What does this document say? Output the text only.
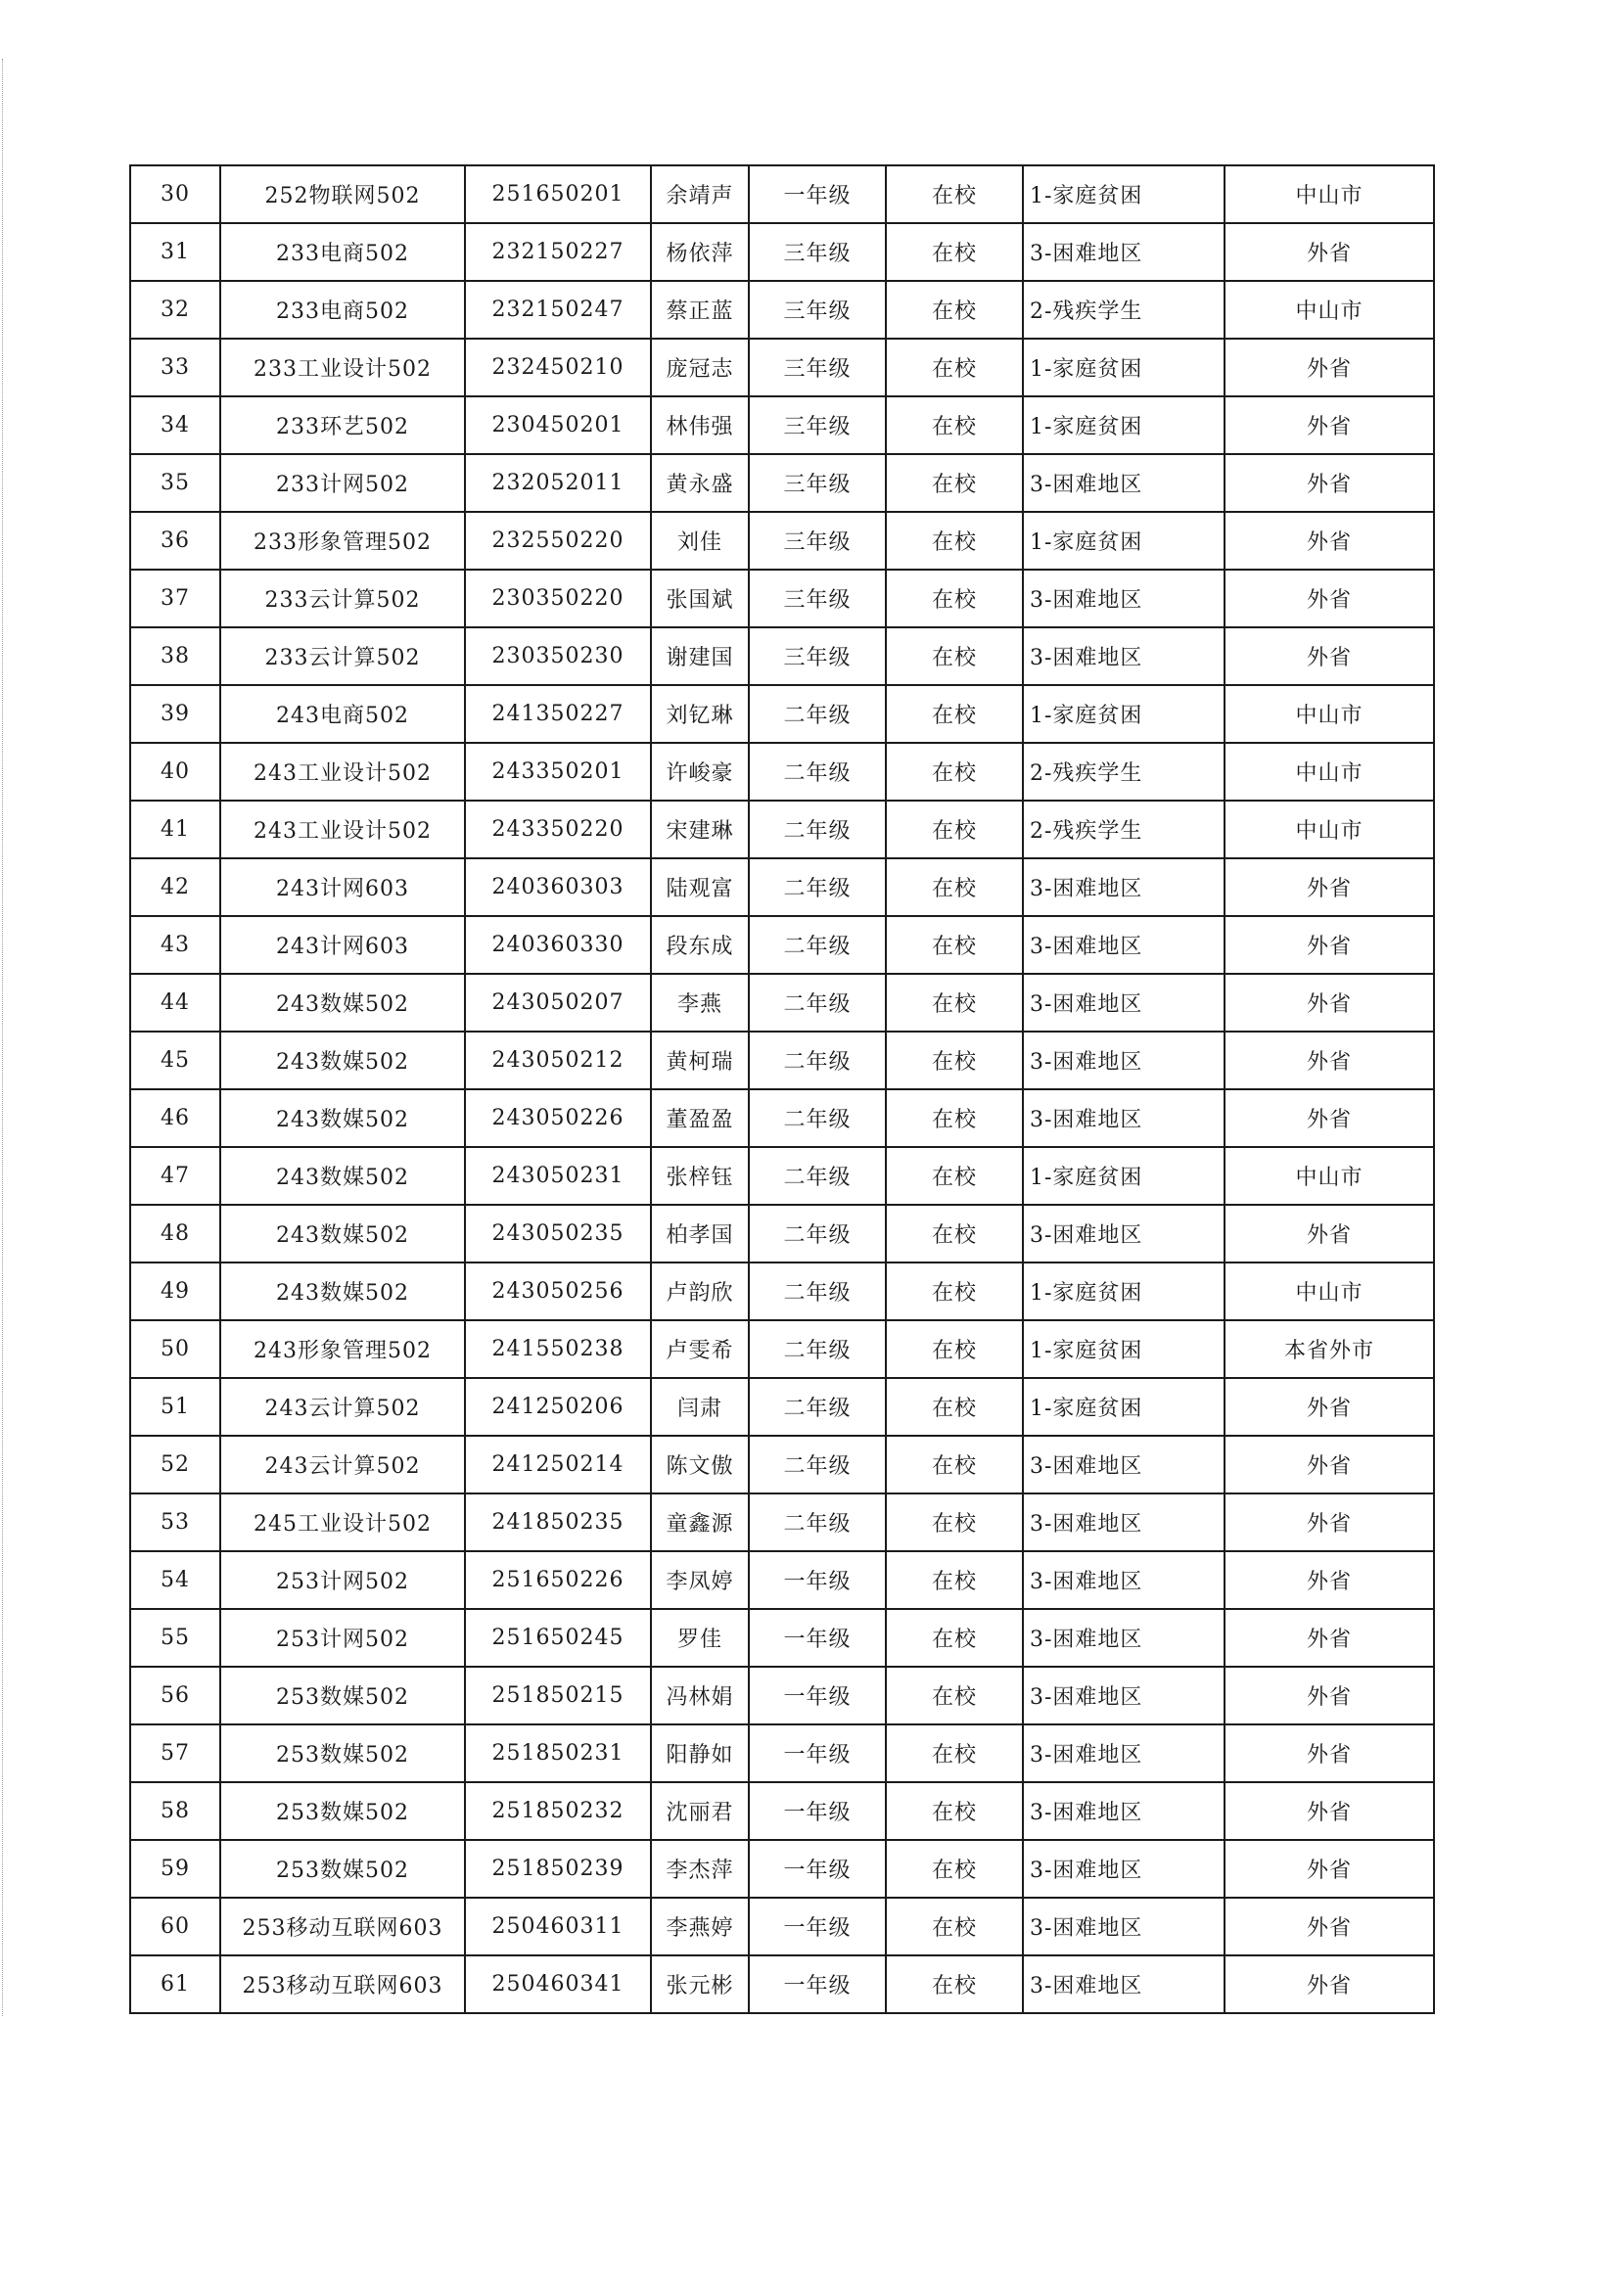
30	252物联网502	251650201	余靖声	一年级	在校	1-家庭贫困	中山市
31	233电商502	232150227	杨依萍	三年级	在校	3-困难地区	外省
32	233电商502	232150247	蔡正蓝	三年级	在校	2-残疾学生	中山市
33	233工业设计502	232450210	庞冠志	三年级	在校	1-家庭贫困	外省
34	233环艺502	230450201	林伟强	三年级	在校	1-家庭贫困	外省
35	233计网502	232052011	黄永盛	三年级	在校	3-困难地区	外省
36	233形象管理502	232550220	刘佳	三年级	在校	1-家庭贫困	外省
37	233云计算502	230350220	张国斌	三年级	在校	3-困难地区	外省
38	233云计算502	230350230	谢建国	三年级	在校	3-困难地区	外省
39	243电商502	241350227	刘钇琳	二年级	在校	1-家庭贫困	中山市
40	243工业设计502	243350201	许峻豪	二年级	在校	2-残疾学生	中山市
41	243工业设计502	243350220	宋建琳	二年级	在校	2-残疾学生	中山市
42	243计网603	240360303	陆观富	二年级	在校	3-困难地区	外省
43	243计网603	240360330	段东成	二年级	在校	3-困难地区	外省
44	243数媒502	243050207	李燕	二年级	在校	3-困难地区	外省
45	243数媒502	243050212	黄柯瑞	二年级	在校	3-困难地区	外省
46	243数媒502	243050226	董盈盈	二年级	在校	3-困难地区	外省
47	243数媒502	243050231	张梓钰	二年级	在校	1-家庭贫困	中山市
48	243数媒502	243050235	柏孝国	二年级	在校	3-困难地区	外省
49	243数媒502	243050256	卢韵欣	二年级	在校	1-家庭贫困	中山市
50	243形象管理502	241550238	卢雯希	二年级	在校	1-家庭贫困	本省外市
51	243云计算502	241250206	闫肃	二年级	在校	1-家庭贫困	外省
52	243云计算502	241250214	陈文傲	二年级	在校	3-困难地区	外省
53	245工业设计502	241850235	童鑫源	二年级	在校	3-困难地区	外省
54	253计网502	251650226	李凤婷	一年级	在校	3-困难地区	外省
55	253计网502	251650245	罗佳	一年级	在校	3-困难地区	外省
56	253数媒502	251850215	冯林娟	一年级	在校	3-困难地区	外省
57	253数媒502	251850231	阳静如	一年级	在校	3-困难地区	外省
58	253数媒502	251850232	沈丽君	一年级	在校	3-困难地区	外省
59	253数媒502	251850239	李杰萍	一年级	在校	3-困难地区	外省
60	253移动互联网603	250460311	李燕婷	一年级	在校	3-困难地区	外省
61	253移动互联网603	250460341	张元彬	一年级	在校	3-困难地区	外省
